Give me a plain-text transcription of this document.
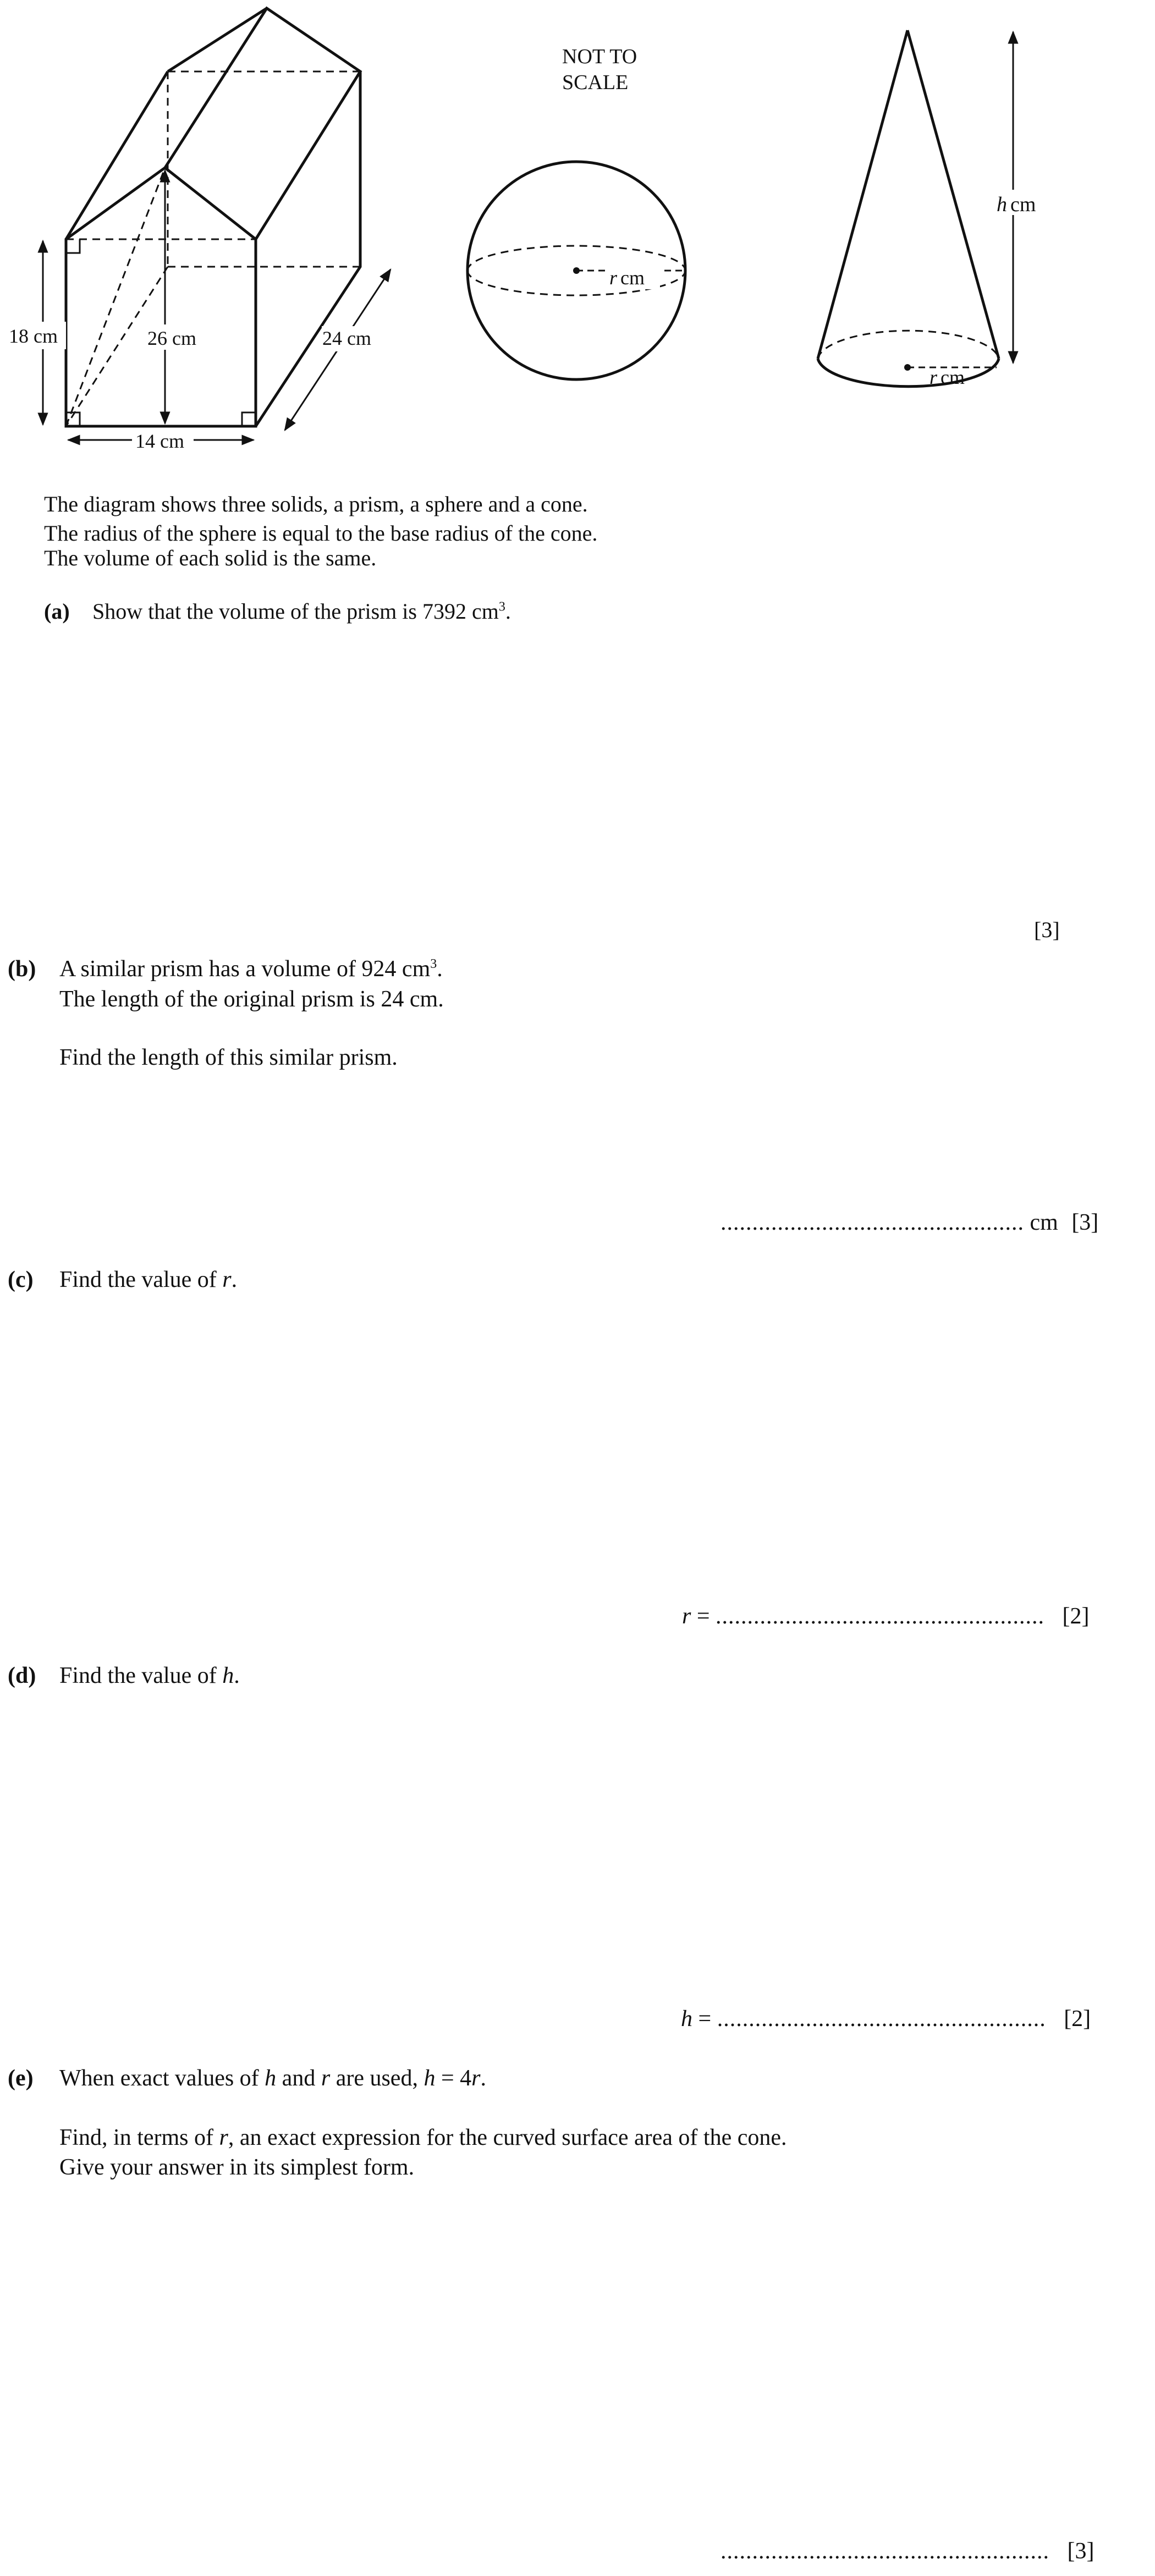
18 cm	26 cm
14 cm
24 cm
NOT TO
SCALE
r cm
h cm
r cm
The diagram shows three solids, a prism, a sphere and a cone.
The radius of the sphere is equal to the base radius of the cone.
The volume of each solid is the same.
(a) Show that the volume of the prism is 7392 $cm^3$.
[3]
(b) A similar prism has a volume of 924 $cm^3$.
The length of the original prism is 24 cm.
Find the length of this similar prism.
................................................ cm [3]
(c) Find the value of r.
r = .................................................... [2]
(d) Find the value of h.
h = .................................................... [2]
(e) When exact values of h and r are used, h = 4r.
Find, in terms of r, an exact expression for the curved surface area of the cone.
Give your answer in its simplest form.
.................................................... [3]
